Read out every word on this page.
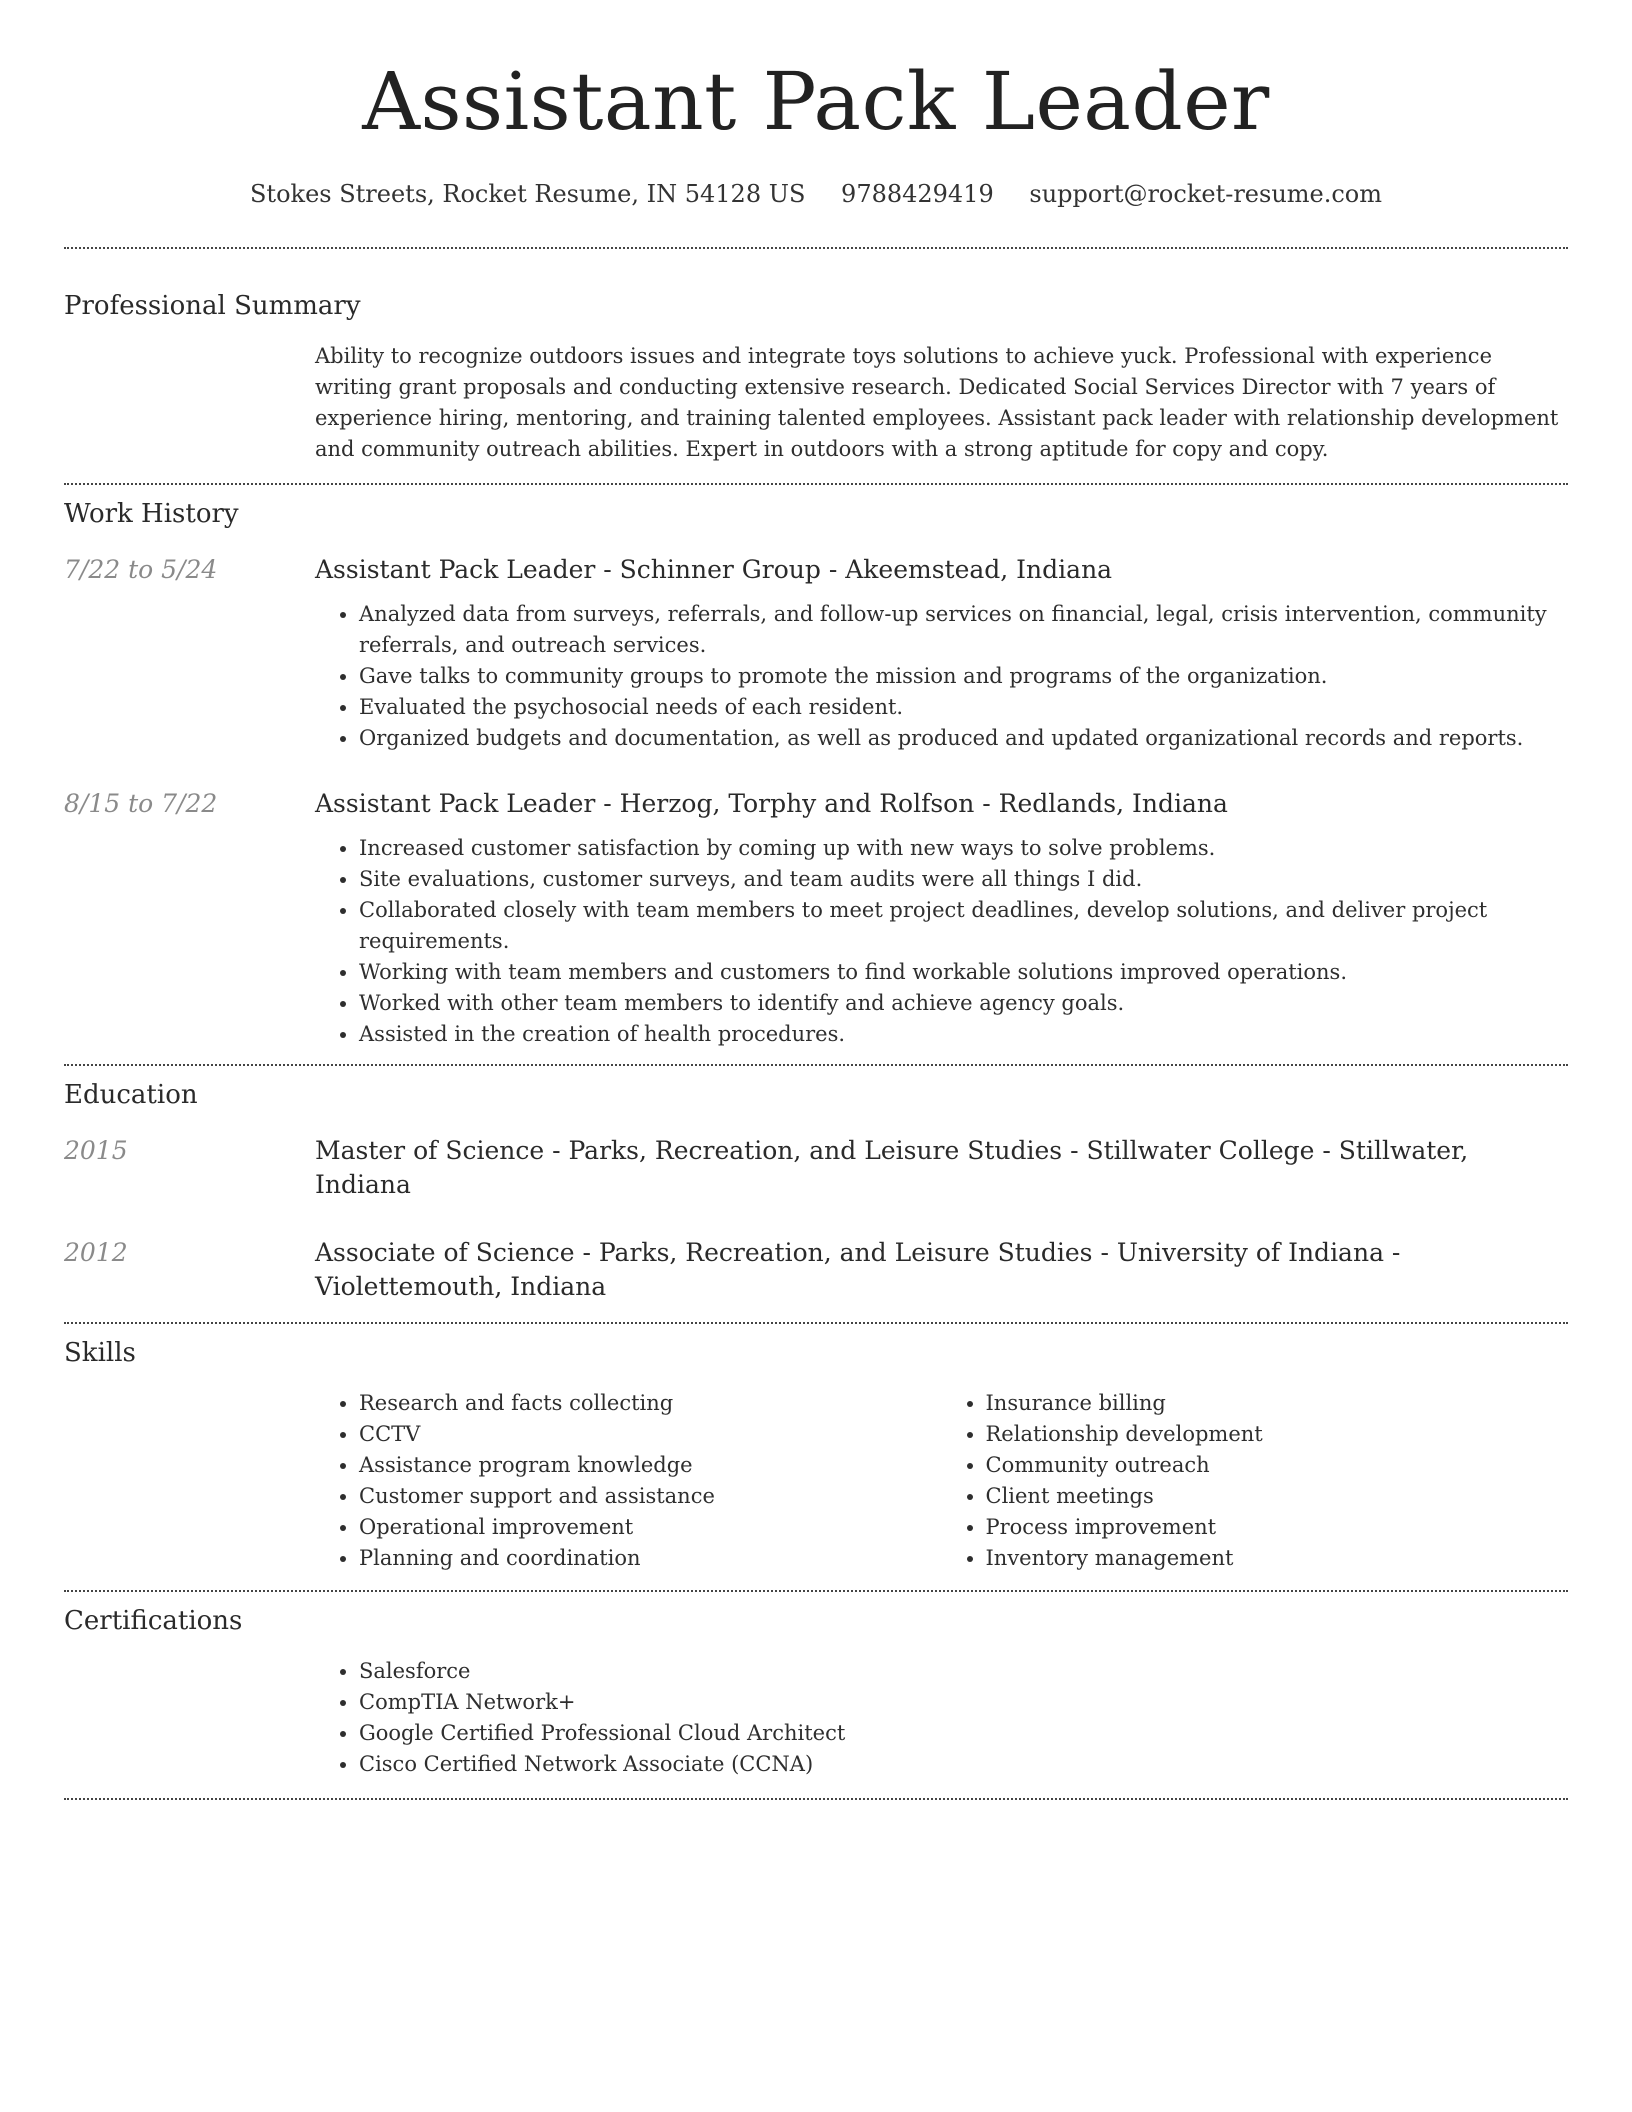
Assistant Pack Leader
Stokes Streets, Rocket Resume, IN 54128 US 9788429419 support@rocket-resume.com
Professional Summary
Ability to recognize outdoors issues and integrate toys solutions to achieve yuck. Professional with experience writing grant proposals and conducting extensive research. Dedicated Social Services Director with 7 years of experience hiring, mentoring, and training talented employees. Assistant pack leader with relationship development and community outreach abilities. Expert in outdoors with a strong aptitude for copy and copy.
Work History
7/22 to 5/24	Assistant Pack Leader - Schinner Group - Akeemstead, Indiana
• Analyzed data from surveys, referrals, and follow-up services on financial, legal, crisis intervention, community referrals, and outreach services.
• Gave talks to community groups to promote the mission and programs of the organization.
• Evaluated the psychosocial needs of each resident.
• Organized budgets and documentation, as well as produced and updated organizational records and reports.
8/15 to 7/22	Assistant Pack Leader - Herzog, Torphy and Rolfson - Redlands, Indiana
• Increased customer satisfaction by coming up with new ways to solve problems.
• Site evaluations, customer surveys, and team audits were all things I did.
• Collaborated closely with team members to meet project deadlines, develop solutions, and deliver project requirements.
• Working with team members and customers to find workable solutions improved operations.
• Worked with other team members to identify and achieve agency goals.
• Assisted in the creation of health procedures.
Education
2015	Master of Science - Parks, Recreation, and Leisure Studies - Stillwater College - Stillwater, Indiana
2012	Associate of Science - Parks, Recreation, and Leisure Studies - University of Indiana - Violettemouth, Indiana
Skills
• Research and facts collecting
• CCTV
• Assistance program knowledge
• Customer support and assistance
• Operational improvement
• Planning and coordination
• Insurance billing
• Relationship development
• Community outreach
• Client meetings
• Process improvement
• Inventory management
Certifications
• Salesforce
• CompTIA Network+
• Google Certified Professional Cloud Architect
• Cisco Certified Network Associate (CCNA)
